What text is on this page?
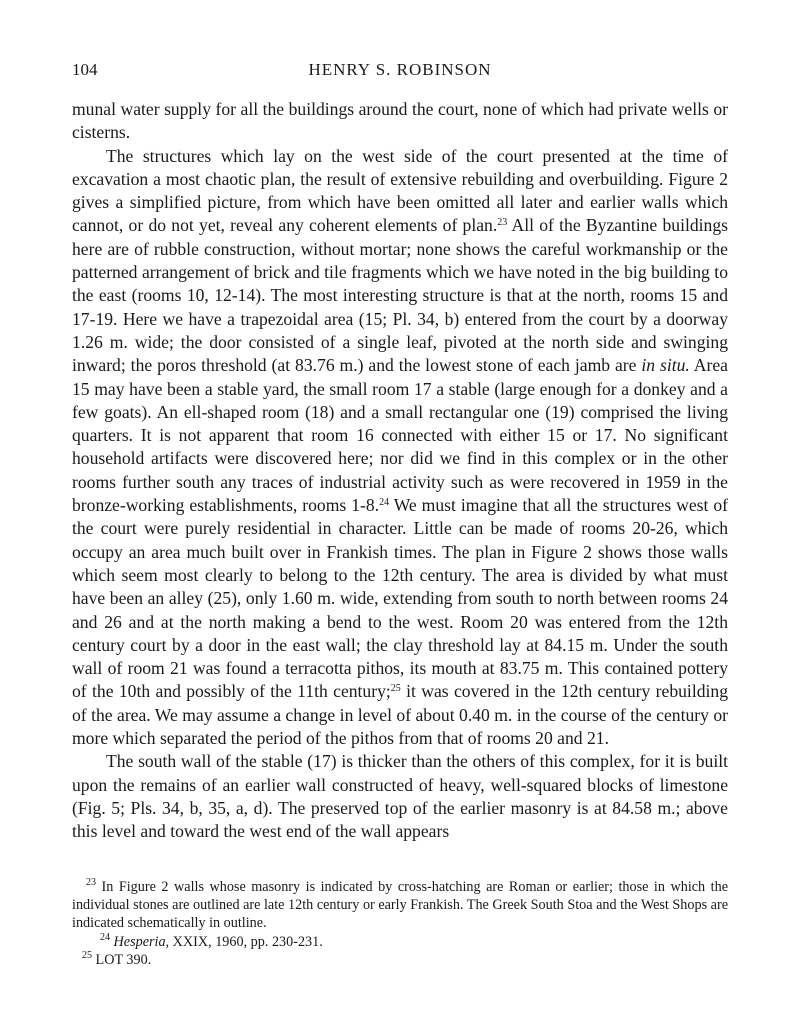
104	HENRY S. ROBINSON

munal water supply for all the buildings around the court, none of which had private wells or cisterns.

The structures which lay on the west side of the court presented at the time of excavation a most chaotic plan, the result of extensive rebuilding and overbuilding. Figure 2 gives a simplified picture, from which have been omitted all later and earlier walls which cannot, or do not yet, reveal any coherent elements of plan.$^{23}$ All of the Byzantine buildings here are of rubble construction, without mortar; none shows the careful workmanship or the patterned arrangement of brick and tile fragments which we have noted in the big building to the east (rooms 10, 12-14). The most interesting structure is that at the north, rooms 15 and 17-19. Here we have a trapezoidal area (15; Pl. 34, b) entered from the court by a doorway 1.26 m. wide; the door consisted of a single leaf, pivoted at the north side and swinging inward; the poros threshold (at 83.76 m.) and the lowest stone of each jamb are in situ. Area 15 may have been a stable yard, the small room 17 a stable (large enough for a donkey and a few goats). An ell-shaped room (18) and a small rectangular one (19) comprised the living quarters. It is not apparent that room 16 connected with either 15 or 17. No significant household artifacts were discovered here; nor did we find in this complex or in the other rooms further south any traces of industrial activity such as were recovered in 1959 in the bronze-working establishments, rooms 1-8.24 We must imagine that all the structures west of the court were purely residential in character. Little can be made of rooms 20-26, which occupy an area much built over in Frankish times. The plan in Figure 2 shows those walls which seem most clearly to belong to the 12th century. The area is divided by what must have been an alley (25), only 1.60 m. wide, extending from south to north between rooms 24 and 26 and at the north making a bend to the west. Room 20 was entered from the 12th century court by a door in the east wall; the clay threshold lay at 84.15 m. Under the south wall of room 21 was found a terracotta pithos, its mouth at 83.75 m. This contained pottery of the 10th and possibly of the 11th century;$^{25}$ it was covered in the 12th century rebuilding of the area. We may assume a change in level of about 0.40 m. in the course of the century or more which separated the period of the pithos from that of rooms 20 and 21.

The south wall of the stable (17) is thicker than the others of this complex, for it is built upon the remains of an earlier wall constructed of heavy, well-squared blocks of limestone (Fig. 5; Pls. 34, b, 35, a, d). The preserved top of the earlier masonry is at 84.58 m.; above this level and toward the west end of the wall appears

$^{23}$ In Figure 2 walls whose masonry is indicated by cross-hatching are Roman or earlier; those in which the individual stones are outlined are late 12th century or early Frankish. The Greek South Stoa and the West Shops are indicated schematically in outline.

$^{24}$ Hesperia, XXIX, 1960, pp. 230-231.

$^{25}$ LOT 390.
